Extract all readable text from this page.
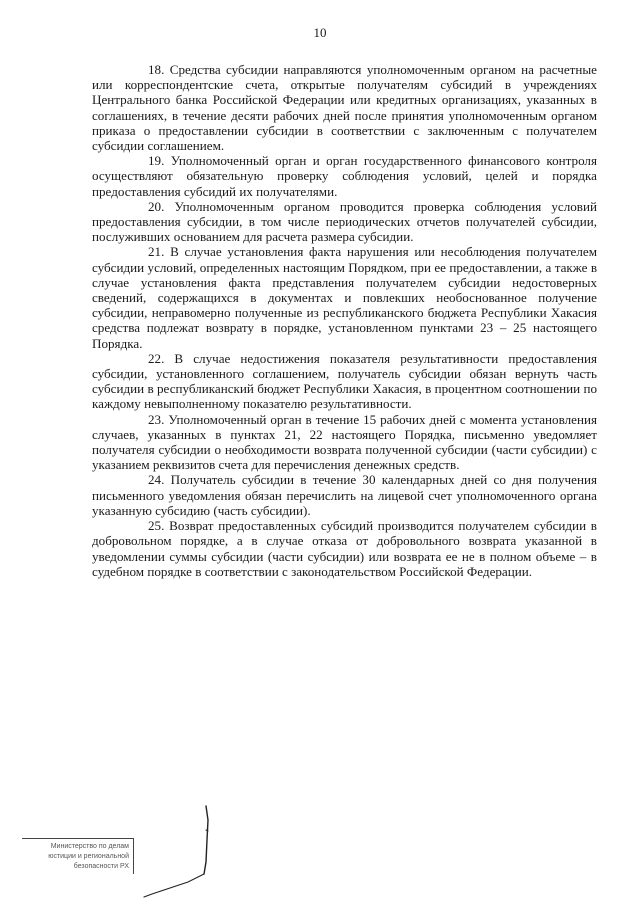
10

18. Средства субсидии направляются уполномоченным органом на расчетные или корреспондентские счета, открытые получателям субсидий в учреждениях Центрального банка Российской Федерации или кредитных организациях, указанных в соглашениях, в течение десяти рабочих дней после принятия уполномоченным органом приказа о предоставлении субсидии в соответствии с заключенным с получателем субсидии соглашением.

19. Уполномоченный орган и орган государственного финансового контроля осуществляют обязательную проверку соблюдения условий, целей и порядка предоставления субсидий их получателями.

20. Уполномоченным органом проводится проверка соблюдения условий предоставления субсидии, в том числе периодических отчетов получателей субсидии, послуживших основанием для расчета размера субсидии.

21. В случае установления факта нарушения или несоблюдения получателем субсидии условий, определенных настоящим Порядком, при ее предоставлении, а также в случае установления факта представления получателем субсидии недостоверных сведений, содержащихся в документах и повлекших необоснованное получение субсидии, неправомерно полученные из республиканского бюджета Республики Хакасия средства подлежат возврату в порядке, установленном пунктами 23 – 25 настоящего Порядка.

22. В случае недостижения показателя результативности предоставления субсидии, установленного соглашением, получатель субсидии обязан вернуть часть субсидии в республиканский бюджет Республики Хакасия, в процентном соотношении по каждому невыполненному показателю результативности.

23. Уполномоченный орган в течение 15 рабочих дней с момента установления случаев, указанных в пунктах 21, 22 настоящего Порядка, письменно уведомляет получателя субсидии о необходимости возврата полученной субсидии (части субсидии) с указанием реквизитов счета для перечисления денежных средств.

24. Получатель субсидии в течение 30 календарных дней со дня получения письменного уведомления обязан перечислить на лицевой счет уполномоченного органа указанную субсидию (часть субсидии).

25. Возврат предоставленных субсидий производится получателем субсидии в добровольном порядке, а в случае отказа от добровольного возврата указанной в уведомлении суммы субсидии (части субсидии) или возврата ее не в полном объеме – в судебном порядке в соответствии с законодательством Российской Федерации.

Министерство по делам
юстиции и региональной
безопасности РХ
